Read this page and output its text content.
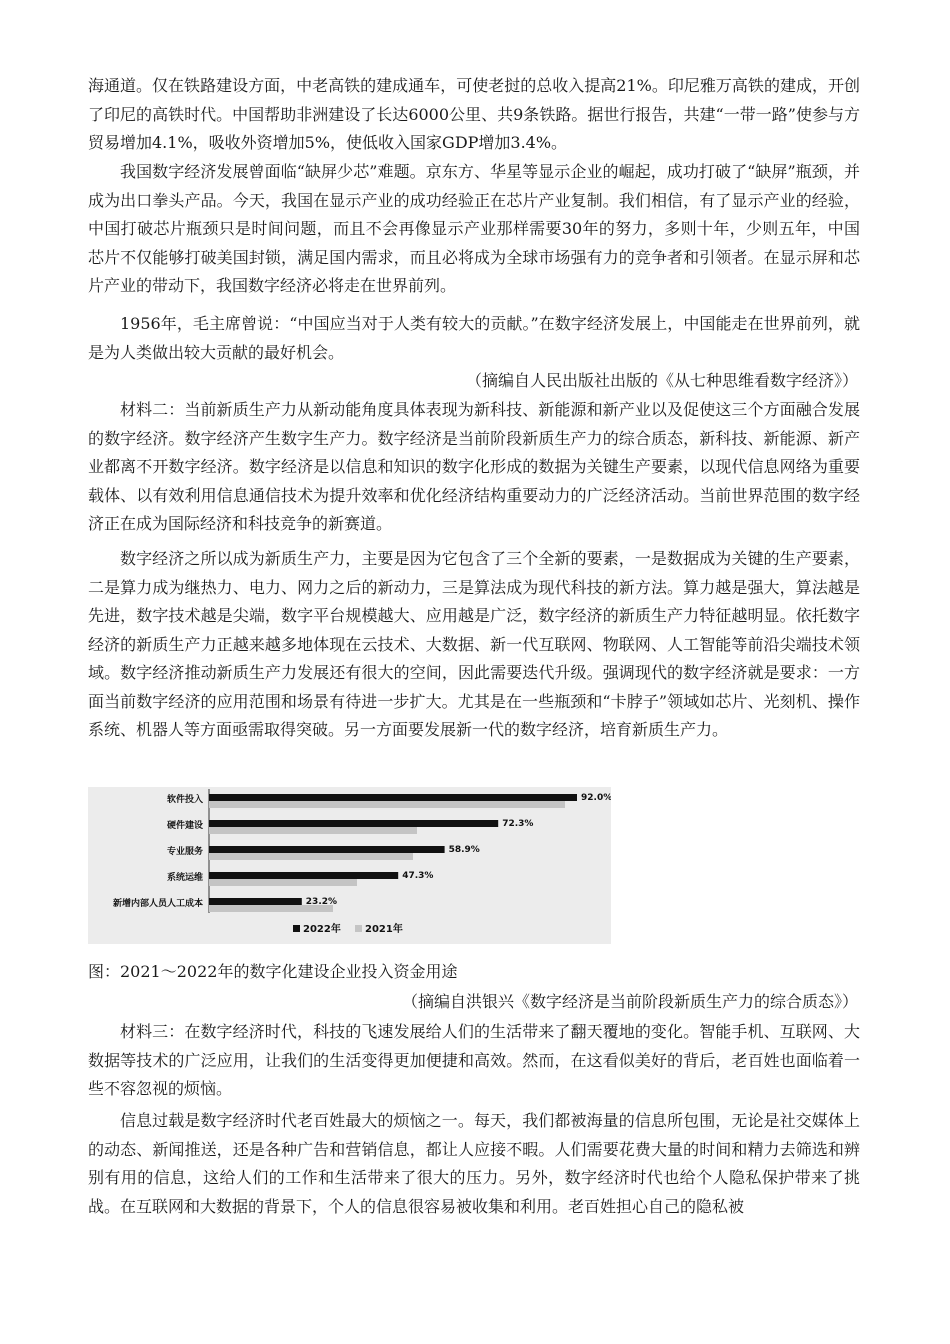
海通道。仅在铁路建设方面，中老高铁的建成通车，可使老挝的总收入提高21%。印尼雅万高铁的建成，开创了印尼的高铁时代。中国帮助非洲建设了长达6000公里、共9条铁路。据世行报告，共建“一带一路”使参与方贸易增加4.1%，吸收外资增加5%，使低收入国家GDP增加3.4%。

我国数字经济发展曾面临“缺屏少芯”难题。京东方、华星等显示企业的崛起，成功打破了“缺屏”瓶颈，并成为出口拳头产品。今天，我国在显示产业的成功经验正在芯片产业复制。我们相信，有了显示产业的经验，中国打破芯片瓶颈只是时间问题，而且不会再像显示产业那样需要30年的努力，多则十年，少则五年，中国芯片不仅能够打破美国封锁，满足国内需求，而且必将成为全球市场强有力的竞争者和引领者。在显示屏和芯片产业的带动下，我国数字经济必将走在世界前列。

1956年，毛主席曾说：“中国应当对于人类有较大的贡献。”在数字经济发展上，中国能走在世界前列，就是为人类做出较大贡献的最好机会。

（摘编自人民出版社出版的《从七种思维看数字经济》）

材料二：当前新质生产力从新动能角度具体表现为新科技、新能源和新产业以及促使这三个方面融合发展的数字经济。数字经济产生数字生产力。数字经济是当前阶段新质生产力的综合质态，新科技、新能源、新产业都离不开数字经济。数字经济是以信息和知识的数字化形成的数据为关键生产要素，以现代信息网络为重要载体、以有效利用信息通信技术为提升效率和优化经济结构重要动力的广泛经济活动。当前世界范围的数字经济正在成为国际经济和科技竞争的新赛道。

数字经济之所以成为新质生产力，主要是因为它包含了三个全新的要素，一是数据成为关键的生产要素，二是算力成为继热力、电力、网力之后的新动力，三是算法成为现代科技的新方法。算力越是强大，算法越是先进，数字技术越是尖端，数字平台规模越大、应用越是广泛，数字经济的新质生产力特征越明显。依托数字经济的新质生产力正越来越多地体现在云技术、大数据、新一代互联网、物联网、人工智能等前沿尖端技术领域。数字经济推动新质生产力发展还有很大的空间，因此需要迭代升级。强调现代的数字经济就是要求：一方面当前数字经济的应用范围和场景有待进一步扩大。尤其是在一些瓶颈和“卡脖子”领域如芯片、光刻机、操作系统、机器人等方面亟需取得突破。另一方面要发展新一代的数字经济，培育新质生产力。

软件投入	92.0%
硬件建设	72.3%
专业服务	58.9%
系统运维	47.3%
新增内部人员人工成本	23.2%
2022年 2021年

图：2021～2022年的数字化建设企业投入资金用途

（摘编自洪银兴《数字经济是当前阶段新质生产力的综合质态》）

材料三：在数字经济时代，科技的飞速发展给人们的生活带来了翻天覆地的变化。智能手机、互联网、大数据等技术的广泛应用，让我们的生活变得更加便捷和高效。然而，在这看似美好的背后，老百姓也面临着一些不容忽视的烦恼。

信息过载是数字经济时代老百姓最大的烦恼之一。每天，我们都被海量的信息所包围，无论是社交媒体上的动态、新闻推送，还是各种广告和营销信息，都让人应接不暇。人们需要花费大量的时间和精力去筛选和辨别有用的信息，这给人们的工作和生活带来了很大的压力。另外，数字经济时代也给个人隐私保护带来了挑战。在互联网和大数据的背景下，个人的信息很容易被收集和利用。老百姓担心自己的隐私被
